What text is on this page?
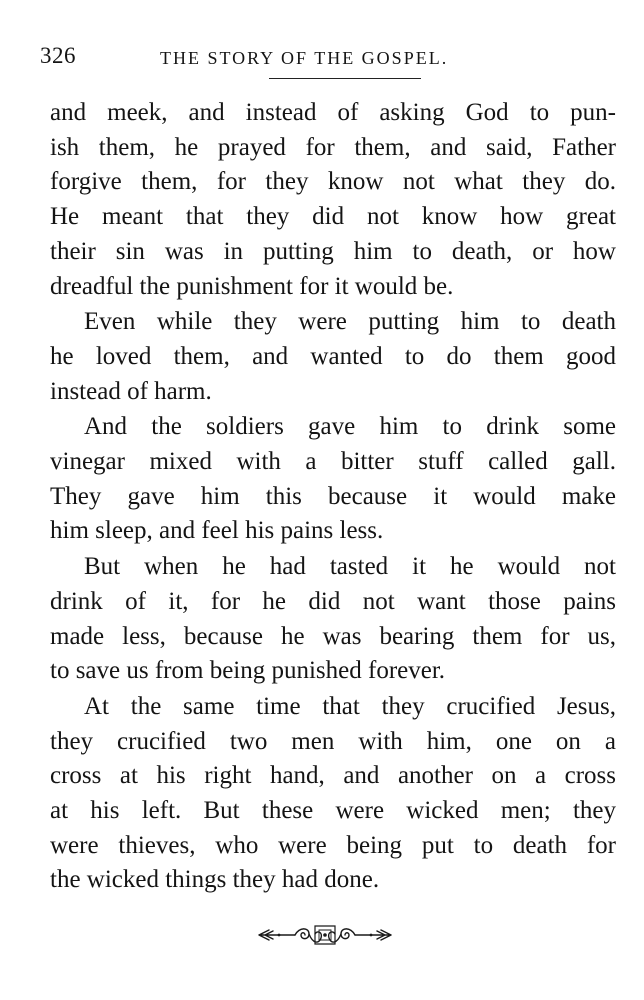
326	THE STORY OF THE GOSPEL.

and meek, and instead of asking God to pun-
ish them, he prayed for them, and said, Father
forgive them, for they know not what they do.
He meant that they did not know how great
their sin was in putting him to death, or how
dreadful the punishment for it would be.

Even while they were putting him to death
he loved them, and wanted to do them good
instead of harm.

And the soldiers gave him to drink some
vinegar mixed with a bitter stuff called gall.
They gave him this because it would make
him sleep, and feel his pains less.

But when he had tasted it he would not
drink of it, for he did not want those pains
made less, because he was bearing them for us,
to save us from being punished forever.

At the same time that they crucified Jesus,
they crucified two men with him, one on a
cross at his right hand, and another on a cross
at his left. But these were wicked men; they
were thieves, who were being put to death for
the wicked things they had done.
